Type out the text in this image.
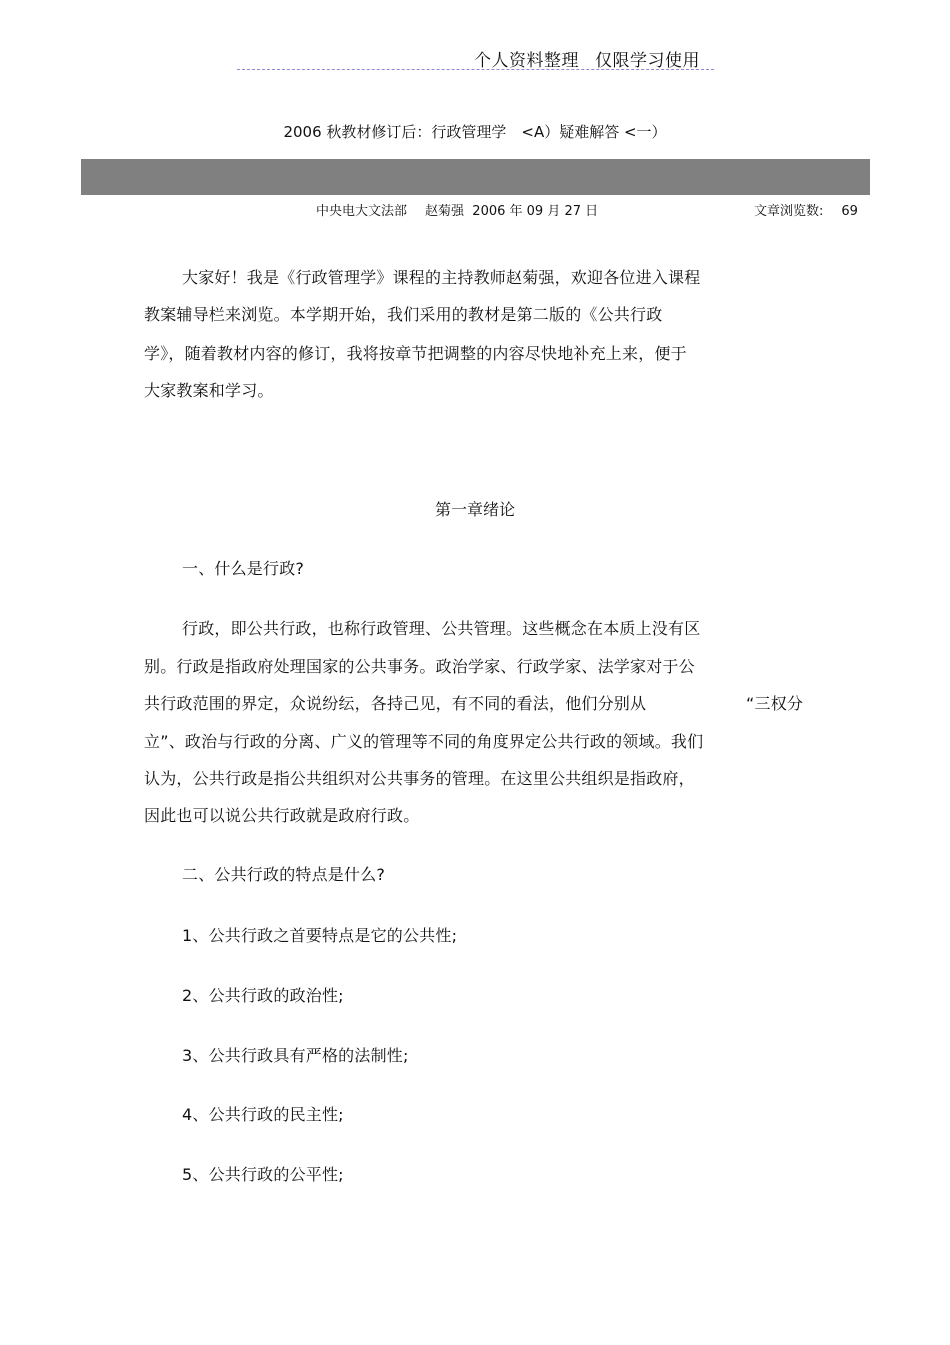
个人资料整理 仅限学习使用
2006 秋教材修订后：行政管理学　<A）疑难解答 <一）
中央电大文法部 赵菊强 2006 年 09 月 27 日	文章浏览数: 69
大家好！我是《行政管理学》课程的主持教师赵菊强，欢迎各位进入课程
教案辅导栏来浏览。本学期开始，我们采用的教材是第二版的《公共行政
学》，随着教材内容的修订，我将按章节把调整的内容尽快地补充上来，便于
大家教案和学习。
第一章绪论
一、什么是行政?
行政，即公共行政，也称行政管理、公共管理。这些概念在本质上没有区
别。行政是指政府处理国家的公共事务。政治学家、行政学家、法学家对于公
共行政范围的界定，众说纷纭，各持己见，有不同的看法，他们分别从	“三权分
立”、政治与行政的分离、广义的管理等不同的角度界定公共行政的领域。我们
认为，公共行政是指公共组织对公共事务的管理。在这里公共组织是指政府，
因此也可以说公共行政就是政府行政。
二、公共行政的特点是什么?
1、公共行政之首要特点是它的公共性;
2、公共行政的政治性;
3、公共行政具有严格的法制性;
4、公共行政的民主性;
5、公共行政的公平性;
